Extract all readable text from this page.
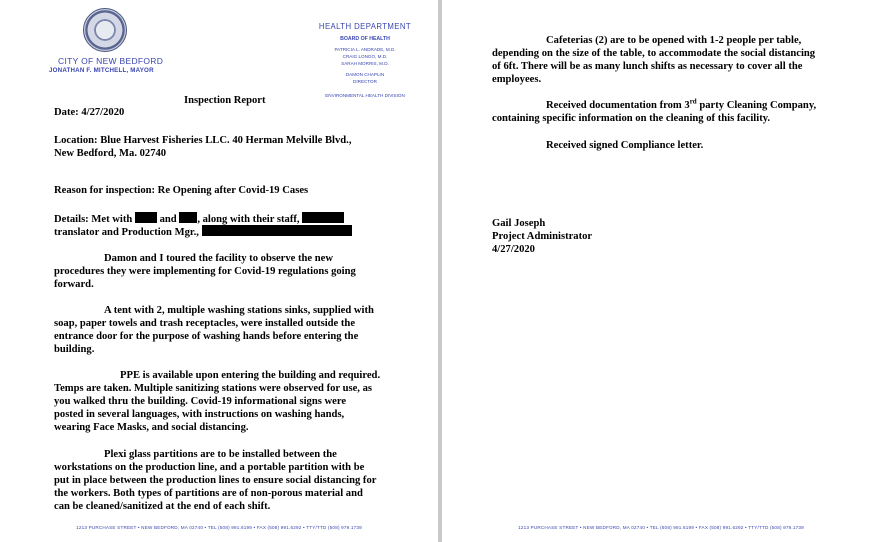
CITY OF NEW BEDFORD
JONATHAN F. MITCHELL, MAYOR
HEALTH DEPARTMENT
BOARD OF HEALTH
PATRICIA L. ANDRADE, M.D.
CRAIG LONGO, M.D.
SARAH MORRIS, M.D.
DAMON CHAPLIN
DIRECTOR
ENVIRONMENTAL HEALTH DIVISION
Inspection Report
Date: 4/27/2020
Location: Blue Harvest Fisheries LLC. 40 Herman Melville Blvd.,
New Bedford, Ma. 02740
Reason for inspection: Re Opening after Covid-19 Cases
Details: Met with	and , along with their staff,
translator and Production Mgr.,
Damon and I toured the facility to observe the new
procedures they were implementing for Covid-19 regulations going
forward.
A tent with 2, multiple washing stations sinks, supplied with
soap, paper towels and trash receptacles, were installed outside the
entrance door for the purpose of washing hands before entering the
building.
PPE is available upon entering the building and required.
Temps are taken. Multiple sanitizing stations were observed for use, as
you walked thru the building. Covid-19 informational signs were
posted in several languages, with instructions on washing hands,
wearing Face Masks, and social distancing.
Plexi glass partitions are to be installed between the
workstations on the production line, and a portable partition with be
put in place between the production lines to ensure social distancing for
the workers. Both types of partitions are of non-porous material and
can be cleaned/sanitized at the end of each shift.
1213 PURCHASE STREET • NEW BEDFORD, MA 02740 • TEL (508) 991.6199 • FAX (508) 991.6292 • TTY/TTD (508) 979.1739
Cafeterias (2) are to be opened with 1-2 people per table,
depending on the size of the table, to accommodate the social distancing
of 6ft. There will be as many lunch shifts as necessary to cover all the
employees.
Received documentation from 3rd party Cleaning Company,
containing specific information on the cleaning of this facility.
Received signed Compliance letter.
Gail Joseph
Project Administrator
4/27/2020
1213 PURCHASE STREET • NEW BEDFORD, MA 02740 • TEL (508) 991.6199 • FAX (508) 991.6292 • TTY/TTD (508) 979.1739
